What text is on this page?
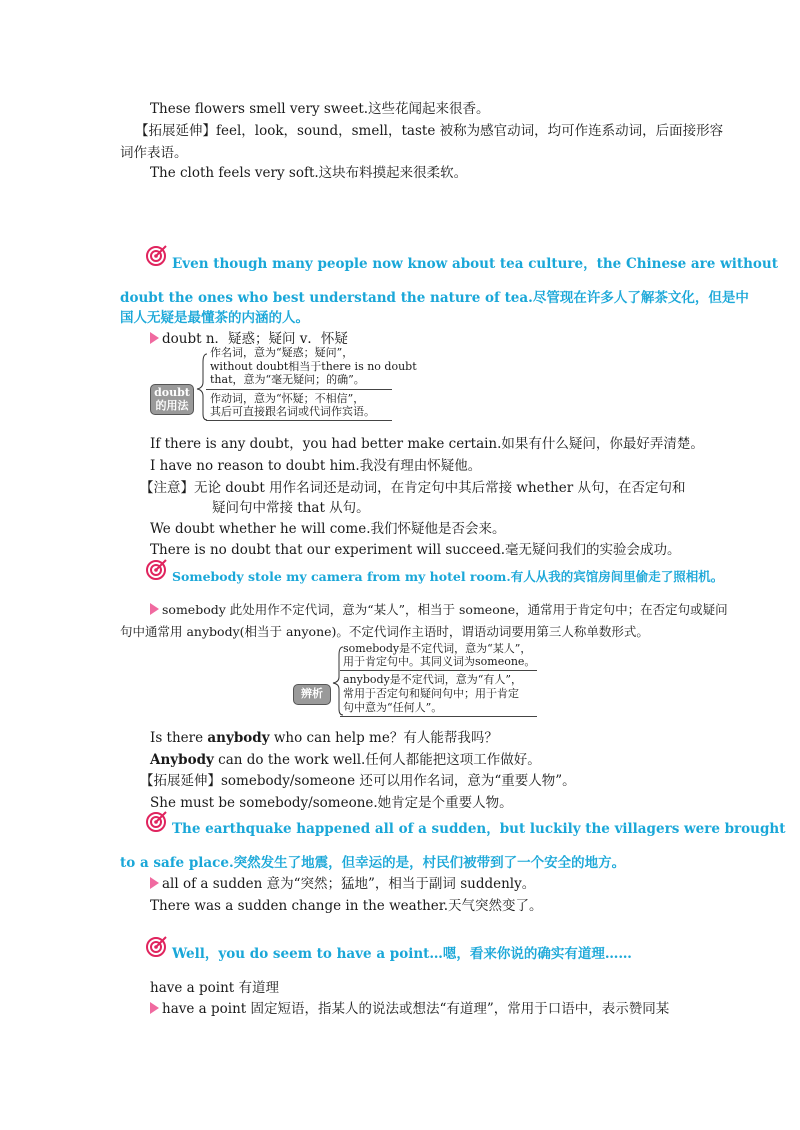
These flowers smell very sweet.这些花闻起来很香。
【拓展延伸】feel，look，sound，smell，taste 被称为感官动词，均可作连系动词，后面接形容
词作表语。
The cloth feels very soft.这块布料摸起来很柔软。
Even though many people now know about tea culture，the Chinese are without
doubt the ones who best understand the nature of tea.尽管现在许多人了解茶文化，但是中
国人无疑是最懂茶的内涵的人。
doubt n．疑惑；疑问 v．怀疑
doubt
的用法
作名词，意为“疑惑；疑问”，
without doubt相当于there is no doubt
that，意为“毫无疑问；的确”。
作动词，意为“怀疑；不相信”，
其后可直接跟名词或代词作宾语。
If there is any doubt，you had better make certain.如果有什么疑问，你最好弄清楚。
I have no reason to doubt him.我没有理由怀疑他。
【注意】无论 doubt 用作名词还是动词，在肯定句中其后常接 whether 从句，在否定句和
疑问句中常接 that 从句。
We doubt whether he will come.我们怀疑他是否会来。
There is no doubt that our experiment will succeed.毫无疑问我们的实验会成功。
Somebody stole my camera from my hotel room.有人从我的宾馆房间里偷走了照相机。
somebody 此处用作不定代词，意为“某人”，相当于 someone，通常用于肯定句中；在否定句或疑问
句中通常用 anybody(相当于 anyone)。不定代词作主语时，谓语动词要用第三人称单数形式。
辨析
somebody是不定代词，意为“某人”，
用于肯定句中。其同义词为someone。
anybody是不定代词，意为“有人”，
常用于否定句和疑问句中；用于肯定
句中意为“任何人”。
Is there anybody who can help me？有人能帮我吗？
Anybody can do the work well.任何人都能把这项工作做好。
【拓展延伸】somebody/someone 还可以用作名词，意为“重要人物”。
She must be somebody/someone.她肯定是个重要人物。
The earthquake happened all of a sudden，but luckily the villagers were brought
to a safe place.突然发生了地震，但幸运的是，村民们被带到了一个安全的地方。
all of a sudden 意为“突然；猛地”，相当于副词 suddenly。
There was a sudden change in the weather.天气突然变了。
Well，you do seem to have a point…嗯，看来你说的确实有道理……
have a point 有道理
have a point 固定短语，指某人的说法或想法“有道理”，常用于口语中，表示赞同某
